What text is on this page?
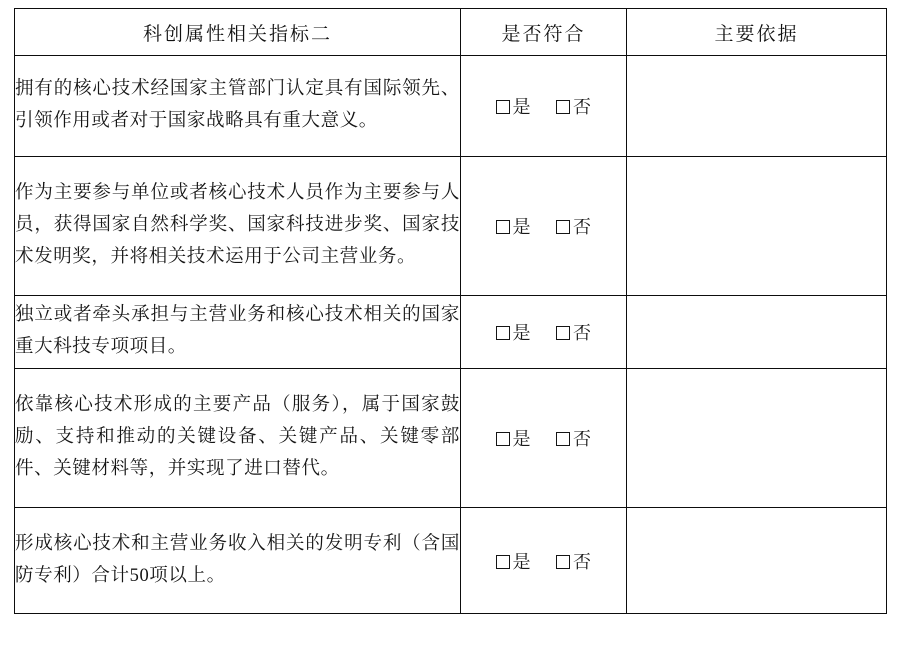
科创属性相关指标二	是否符合	主要依据
拥有的核心技术经国家主管部门认定具有国际领先、引领作用或者对于国家战略具有重大意义。	是 否	
作为主要参与单位或者核心技术人员作为主要参与人员，获得国家自然科学奖、国家科技进步奖、国家技术发明奖，并将相关技术运用于公司主营业务。	是 否	
独立或者牵头承担与主营业务和核心技术相关的国家重大科技专项项目。	是 否	
依靠核心技术形成的主要产品（服务），属于国家鼓励、支持和推动的关键设备、关键产品、关键零部件、关键材料等，并实现了进口替代。	是 否	
形成核心技术和主营业务收入相关的发明专利（含国防专利）合计50项以上。	是 否	
